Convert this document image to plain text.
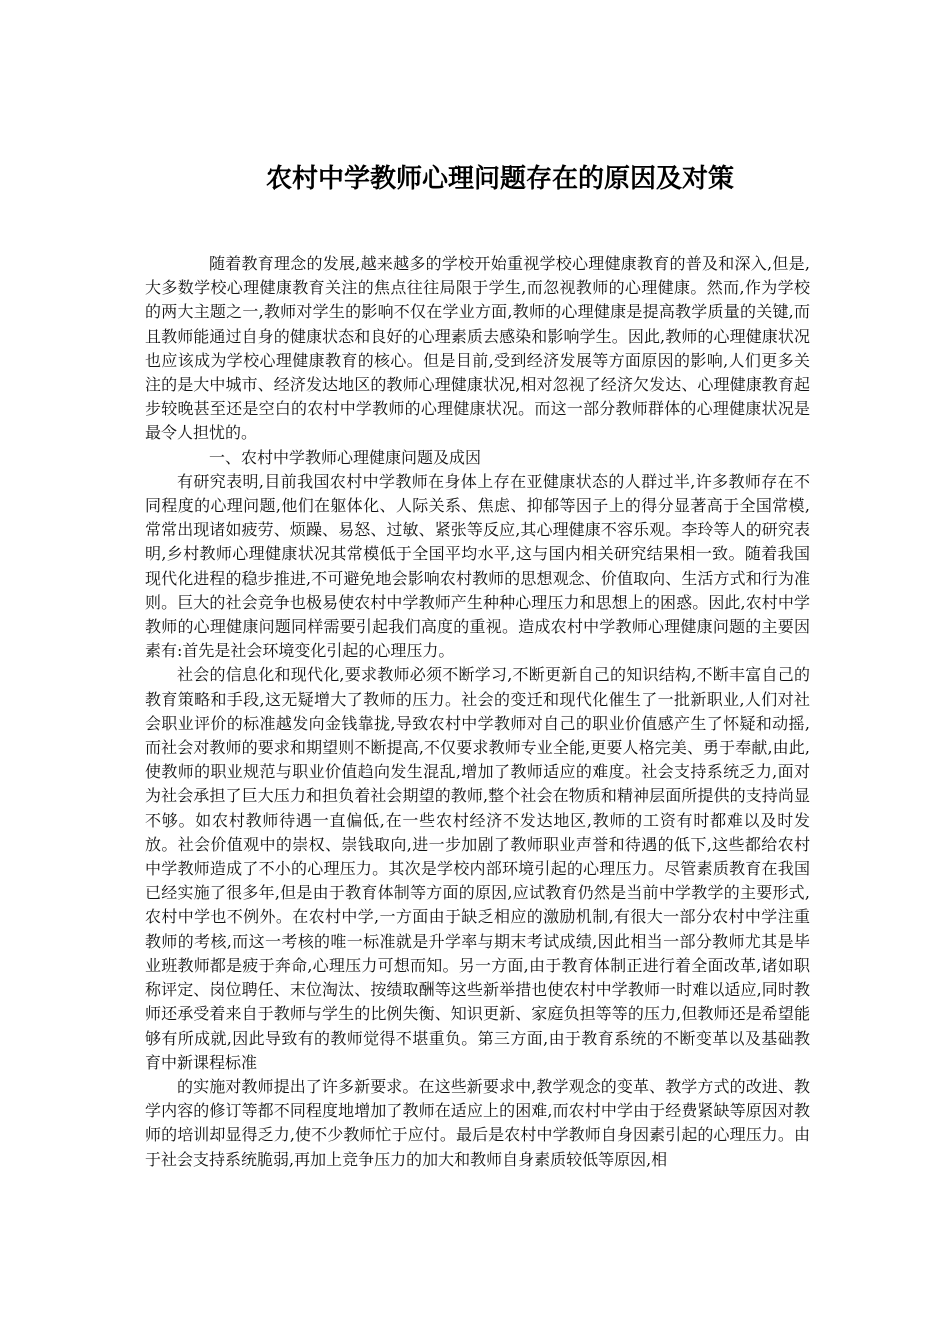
农村中学教师心理问题存在的原因及对策

随着教育理念的发展,越来越多的学校开始重视学校心理健康教育的普及和深入,但是,大多数学校心理健康教育关注的焦点往往局限于学生,而忽视教师的心理健康。然而,作为学校的两大主题之一,教师对学生的影响不仅在学业方面,教师的心理健康是提高教学质量的关键,而且教师能通过自身的健康状态和良好的心理素质去感染和影响学生。因此,教师的心理健康状况也应该成为学校心理健康教育的核心。但是目前,受到经济发展等方面原因的影响,人们更多关注的是大中城市、经济发达地区的教师心理健康状况,相对忽视了经济欠发达、心理健康教育起步较晚甚至还是空白的农村中学教师的心理健康状况。而这一部分教师群体的心理健康状况是最令人担忧的。

一、农村中学教师心理健康问题及成因

有研究表明,目前我国农村中学教师在身体上存在亚健康状态的人群过半,许多教师存在不同程度的心理问题,他们在躯体化、人际关系、焦虑、抑郁等因子上的得分显著高于全国常模,常常出现诸如疲劳、烦躁、易怒、过敏、紧张等反应,其心理健康不容乐观。李玲等人的研究表明,乡村教师心理健康状况其常模低于全国平均水平,这与国内相关研究结果相一致。随着我国现代化进程的稳步推进,不可避免地会影响农村教师的思想观念、价值取向、生活方式和行为准则。巨大的社会竞争也极易使农村中学教师产生种种心理压力和思想上的困惑。因此,农村中学教师的心理健康问题同样需要引起我们高度的重视。造成农村中学教师心理健康问题的主要因素有:首先是社会环境变化引起的心理压力。

社会的信息化和现代化,要求教师必须不断学习,不断更新自己的知识结构,不断丰富自己的教育策略和手段,这无疑增大了教师的压力。社会的变迁和现代化催生了一批新职业,人们对社会职业评价的标准越发向金钱靠拢,导致农村中学教师对自己的职业价值感产生了怀疑和动摇,而社会对教师的要求和期望则不断提高,不仅要求教师专业全能,更要人格完美、勇于奉献,由此,使教师的职业规范与职业价值趋向发生混乱,增加了教师适应的难度。社会支持系统乏力,面对为社会承担了巨大压力和担负着社会期望的教师,整个社会在物质和精神层面所提供的支持尚显不够。如农村教师待遇一直偏低,在一些农村经济不发达地区,教师的工资有时都难以及时发放。社会价值观中的崇权、崇钱取向,进一步加剧了教师职业声誉和待遇的低下,这些都给农村中学教师造成了不小的心理压力。其次是学校内部环境引起的心理压力。尽管素质教育在我国已经实施了很多年,但是由于教育体制等方面的原因,应试教育仍然是当前中学教学的主要形式,农村中学也不例外。在农村中学,一方面由于缺乏相应的激励机制,有很大一部分农村中学注重教师的考核,而这一考核的唯一标准就是升学率与期末考试成绩,因此相当一部分教师尤其是毕业班教师都是疲于奔命,心理压力可想而知。另一方面,由于教育体制正进行着全面改革,诸如职称评定、岗位聘任、末位淘汰、按绩取酬等这些新举措也使农村中学教师一时难以适应,同时教师还承受着来自于教师与学生的比例失衡、知识更新、家庭负担等等的压力,但教师还是希望能够有所成就,因此导致有的教师觉得不堪重负。第三方面,由于教育系统的不断变革以及基础教育中新课程标准

的实施对教师提出了许多新要求。在这些新要求中,教学观念的变革、教学方式的改进、教学内容的修订等都不同程度地增加了教师在适应上的困难,而农村中学由于经费紧缺等原因对教师的培训却显得乏力,使不少教师忙于应付。最后是农村中学教师自身因素引起的心理压力。由于社会支持系统脆弱,再加上竞争压力的加大和教师自身素质较低等原因,相
